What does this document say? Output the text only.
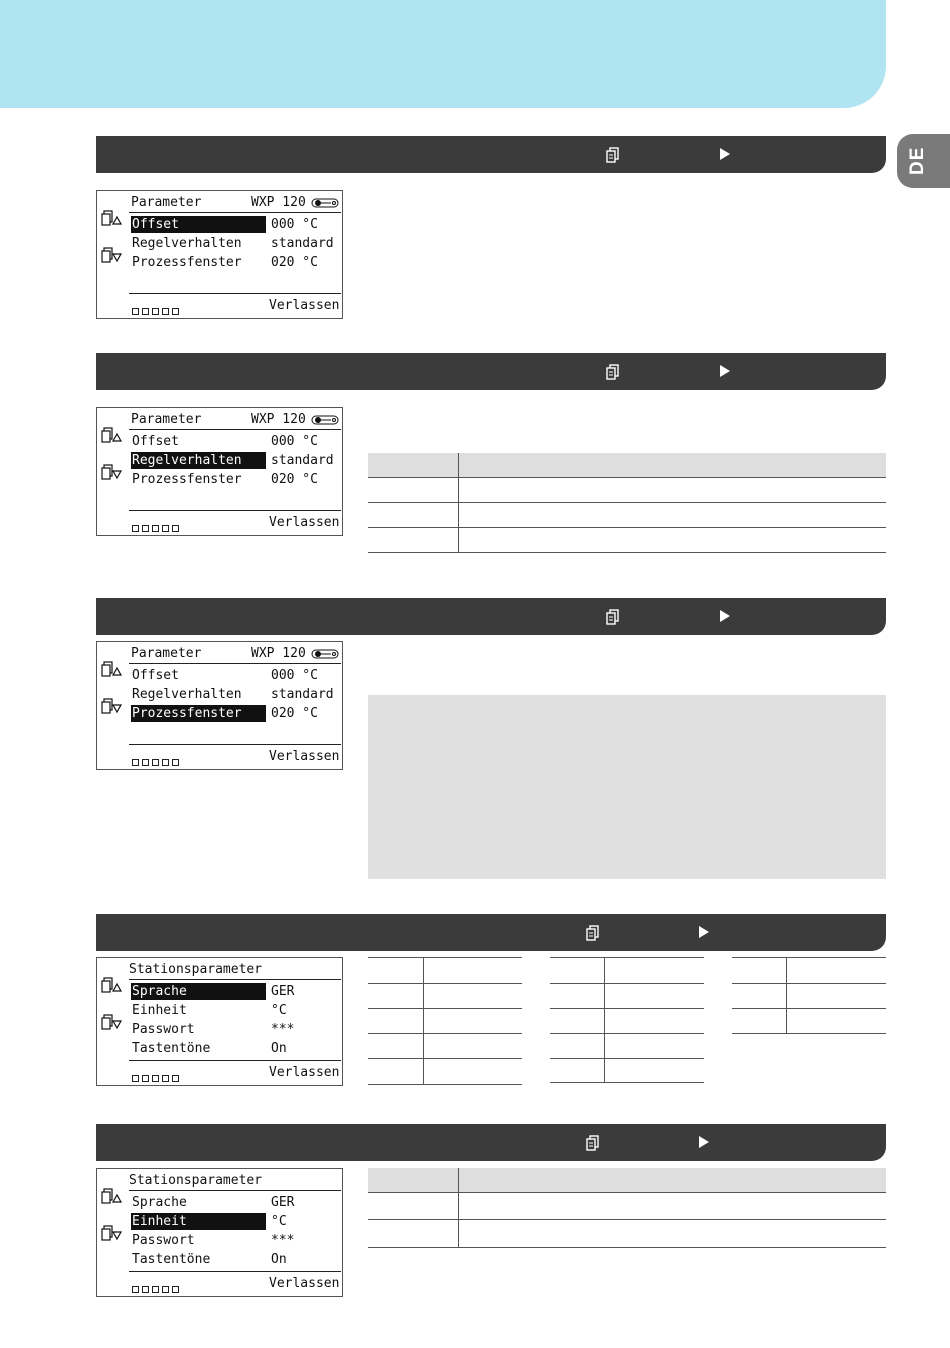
DE
Parameter	WXP 120
Offset	000 °C
Regelverhalten	standard
Prozessfenster	020 °C
Verlassen
Parameter	WXP 120
Offset	000 °C
Regelverhalten	standard
Prozessfenster	020 °C
Verlassen
Parameter	WXP 120
Offset	000 °C
Regelverhalten	standard
Prozessfenster	020 °C
Verlassen
Stationsparameter
Sprache	GER
Einheit	°C
Passwort	***
Tastentöne	On
Verlassen
Stationsparameter
Sprache	GER
Einheit	°C
Passwort	***
Tastentöne	On
Verlassen
